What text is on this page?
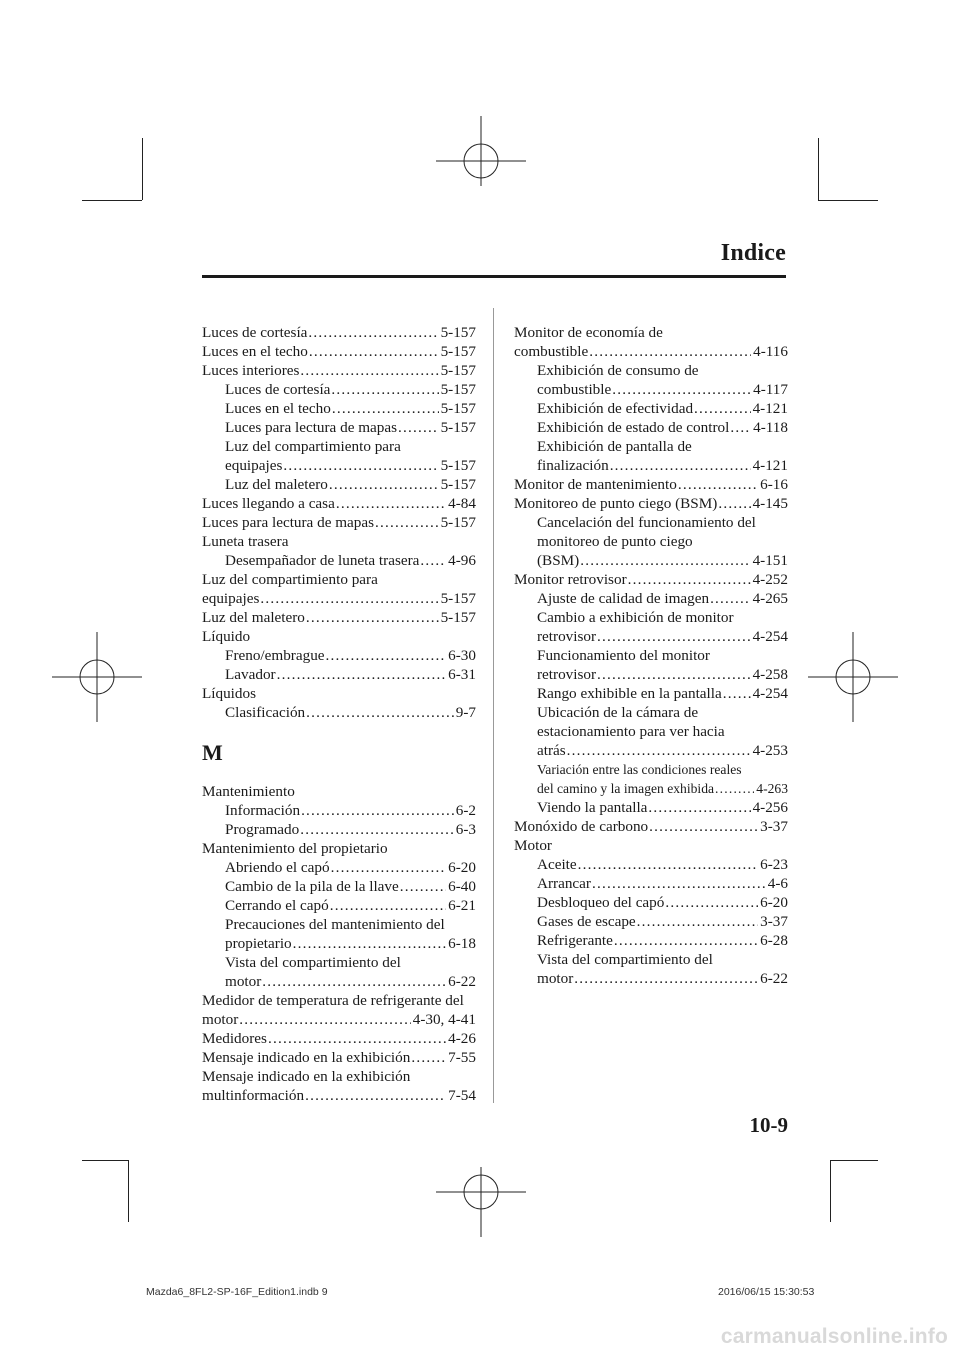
Indice
Luces de cortesía .....	5-157
Luces en el techo .....	5-157
Luces interiores .....	5-157
Luces de cortesía .....	5-157
Luces en el techo .....	5-157
Luces para lectura de mapas .....	5-157
Luz del compartimiento para
equipajes .....	5-157
Luz del maletero .....	5-157
Luces llegando a casa .....	4-84
Luces para lectura de mapas .....	5-157
Luneta trasera
Desempañador de luneta trasera ..... 4-96
Luz del compartimiento para
equipajes .....	5-157
Luz del maletero .....	5-157
Líquido
Freno/embrague .....	6-30
Lavador .....	6-31
Líquidos
Clasificación .....	9-7
M
Mantenimiento
Información .....	6-2
Programado .....	6-3
Mantenimiento del propietario
Abriendo el capó .....	6-20
Cambio de la pila de la llave .....	6-40
Cerrando el capó .....	6-21
Precauciones del mantenimiento del
propietario .....	6-18
Vista del compartimiento del
motor .....	6-22
Medidor de temperatura de refrigerante del
motor .....	4-30, 4-41
Medidores .....	4-26
Mensaje indicado en la exhibición ..... 7-55
Mensaje indicado en la exhibición
multinformación .....	7-54
Monitor de economía de
combustible .....	4-116
Exhibición de consumo de
combustible .....	4-117
Exhibición de efectividad .....	4-121
Exhibición de estado de control ..... 4-118
Exhibición de pantalla de
finalización .....	4-121
Monitor de mantenimiento .....	6-16
Monitoreo de punto ciego (BSM) ..... 4-145
Cancelación del funcionamiento del
monitoreo de punto ciego
(BSM) .....	4-151
Monitor retrovisor .....	4-252
Ajuste de calidad de imagen .....	4-265
Cambio a exhibición de monitor
retrovisor .....	4-254
Funcionamiento del monitor
retrovisor .....	4-258
Rango exhibible en la pantalla ..... 4-254
Ubicación de la cámara de
estacionamiento para ver hacia
atrás .....	4-253
Variación entre las condiciones reales
del camino y la imagen exhibida .....	4-263
Viendo la pantalla .....	4-256
Monóxido de carbono .....	3-37
Motor
Aceite .....	6-23
Arrancar .....	4-6
Desbloqueo del capó .....	6-20
Gases de escape .....	3-37
Refrigerante .....	6-28
Vista del compartimiento del
motor .....	6-22
10-9
Mazda6_8FL2-SP-16F_Edition1.indb 9	2016/06/15 15:30:53
carmanualsonline.info
